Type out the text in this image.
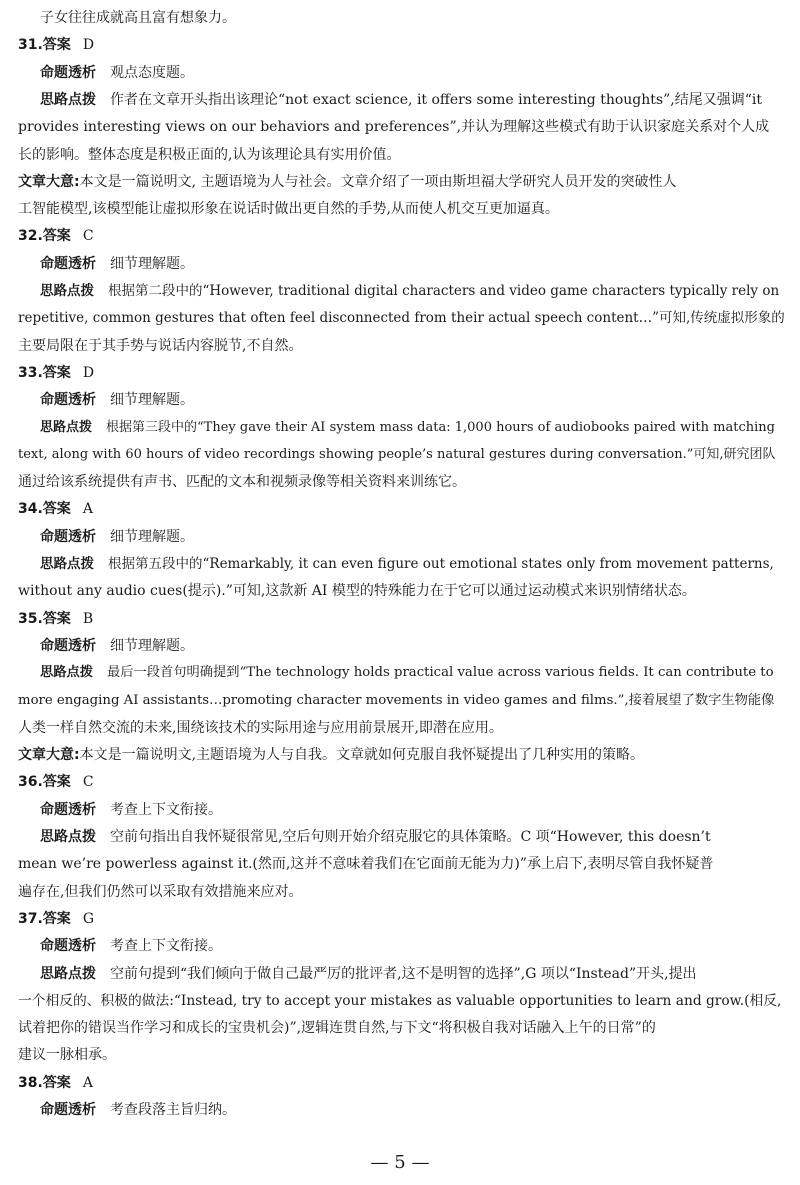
子女往往成就高且富有想象力。
31.答案 D
命题透析 观点态度题。
思路点拨 作者在文章开头指出该理论“not exact science, it offers some interesting thoughts”,结尾又强调“it
provides interesting views on our behaviors and preferences”,并认为理解这些模式有助于认识家庭关系对个人成
长的影响。整体态度是积极正面的,认为该理论具有实用价值。
文章大意:本文是一篇说明文, 主题语境为人与社会。文章介绍了一项由斯坦福大学研究人员开发的突破性人
工智能模型,该模型能让虚拟形象在说话时做出更自然的手势,从而使人机交互更加逼真。
32.答案 C
命题透析 细节理解题。
思路点拨 根据第二段中的“However, traditional digital characters and video game characters typically rely on
repetitive, common gestures that often feel disconnected from their actual speech content…”可知,传统虚拟形象的
主要局限在于其手势与说话内容脱节,不自然。
33.答案 D
命题透析 细节理解题。
思路点拨 根据第三段中的“They gave their AI system mass data: 1,000 hours of audiobooks paired with matching
text, along with 60 hours of video recordings showing people’s natural gestures during conversation.”可知,研究团队
通过给该系统提供有声书、匹配的文本和视频录像等相关资料来训练它。
34.答案 A
命题透析 细节理解题。
思路点拨 根据第五段中的“Remarkably, it can even figure out emotional states only from movement patterns,
without any audio cues(提示).”可知,这款新 AI 模型的特殊能力在于它可以通过运动模式来识别情绪状态。
35.答案 B
命题透析 细节理解题。
思路点拨 最后一段首句明确提到“The technology holds practical value across various fields. It can contribute to
more engaging AI assistants…promoting character movements in video games and films.”,接着展望了数字生物能像
人类一样自然交流的未来,围绕该技术的实际用途与应用前景展开,即潜在应用。
文章大意:本文是一篇说明文,主题语境为人与自我。文章就如何克服自我怀疑提出了几种实用的策略。
36.答案 C
命题透析 考查上下文衔接。
思路点拨 空前句指出自我怀疑很常见,空后句则开始介绍克服它的具体策略。C 项“However, this doesn’t
mean we’re powerless against it.(然而,这并不意味着我们在它面前无能为力)”承上启下,表明尽管自我怀疑普
遍存在,但我们仍然可以采取有效措施来应对。
37.答案 G
命题透析 考查上下文衔接。
思路点拨 空前句提到“我们倾向于做自己最严厉的批评者,这不是明智的选择”,G 项以“Instead”开头,提出
一个相反的、积极的做法:“Instead, try to accept your mistakes as valuable opportunities to learn and grow.(相反,
试着把你的错误当作学习和成长的宝贵机会)”,逻辑连贯自然,与下文“将积极自我对话融入上午的日常”的
建议一脉相承。
38.答案 A
命题透析 考查段落主旨归纳。
— 5 —
